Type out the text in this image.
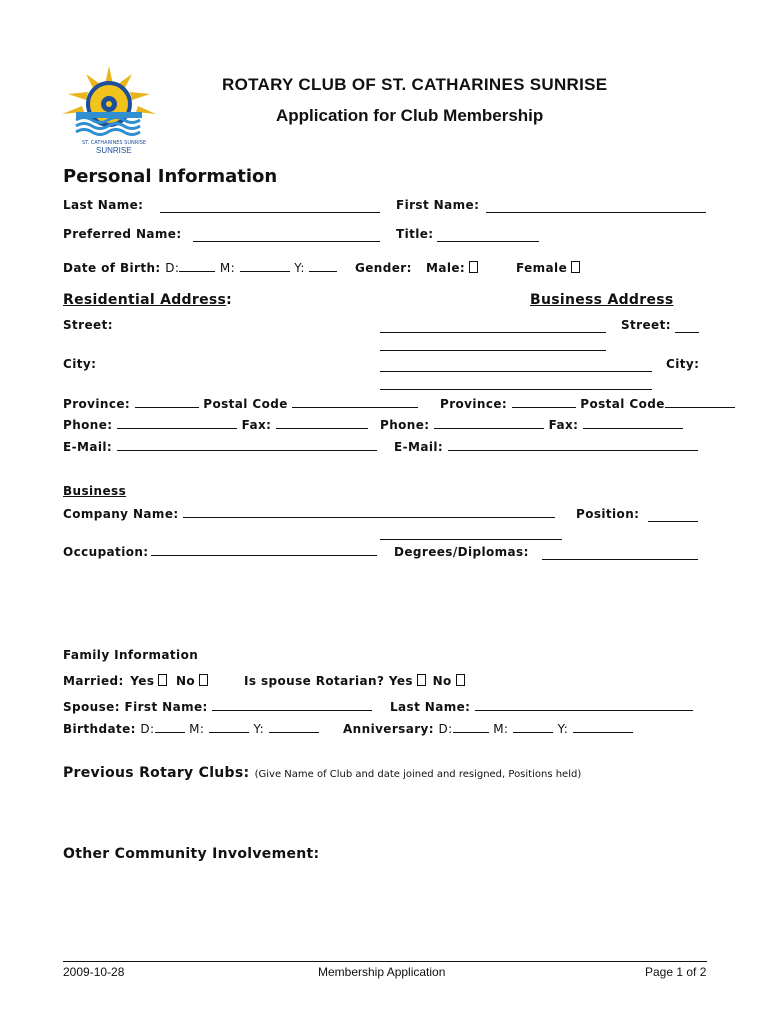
ST. CATHARINES SUNRISE
SUNRISE
ROTARY CLUB OF ST. CATHARINES SUNRISE
Application for Club Membership
Personal Information
Last Name:	First Name:
Preferred Name:	Title:
Date of Birth: D:	M:	Y:	Gender: Male:	Female
Residential Address:	Business Address
Street:	Street:
City:	City:
Province:	Postal Code	Province:	Postal Code
Phone:	Fax:	Phone:	Fax:
E-Mail:	E-Mail:
Business
Company Name:	Position:
Occupation:	Degrees/Diplomas:
Family Information
Married: Yes No	Is spouse Rotarian? Yes No
Spouse: First Name:	Last Name:
Birthdate: D:	M:	Y:	Anniversary: D:	M:	Y:
Previous Rotary Clubs: (Give Name of Club and date joined and resigned, Positions held)
Other Community Involvement:
2009-10-28	Membership Application	Page 1 of 2
